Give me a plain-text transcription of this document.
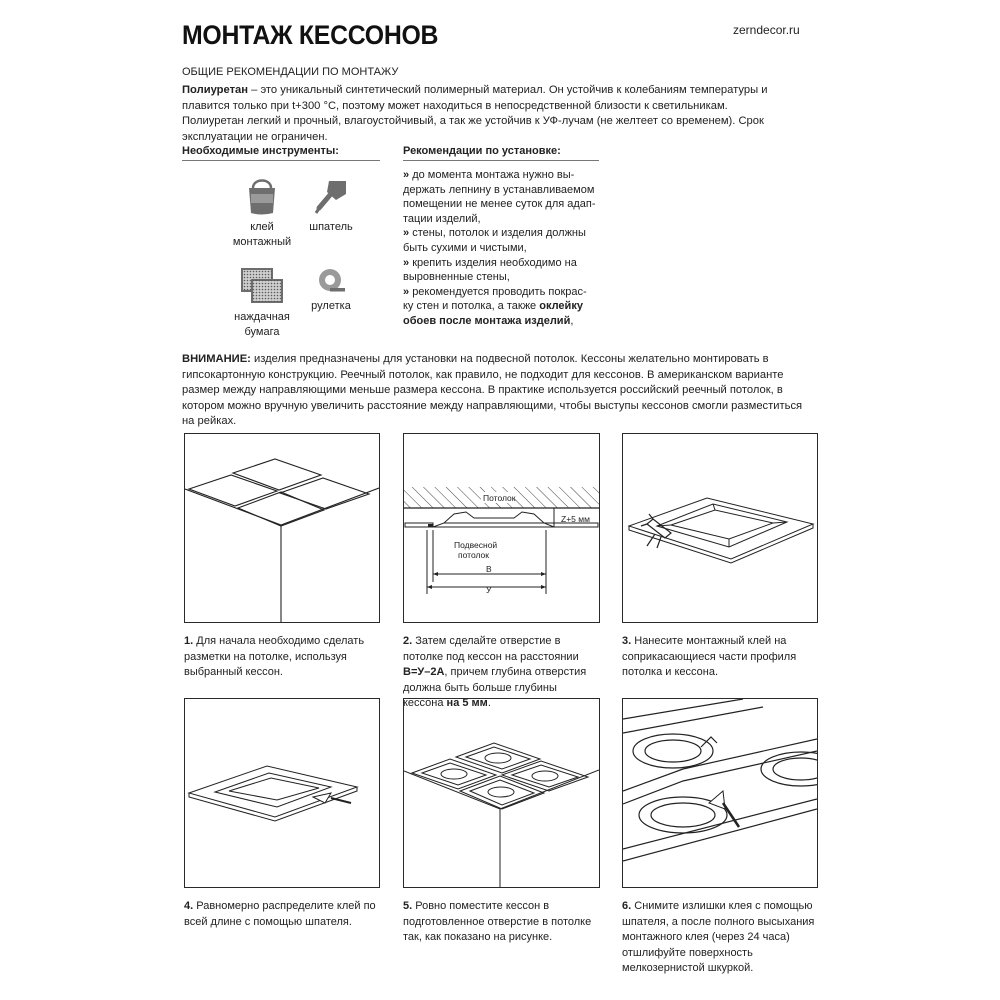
МОНТАЖ КЕССОНОВ	zerndecor.ru
ОБЩИЕ РЕКОМЕНДАЦИИ ПО МОНТАЖУ
Полиуретан – это уникальный синтетический полимерный материал. Он устойчив к колебаниям температуры и плавится только при t+300 °C, поэтому может находиться в непосредственной близости к светильникам. Полиуретан легкий и прочный, влагоустойчивый, а так же устойчив к УФ-лучам (не желтеет со временем). Срок эксплуатации не ограничен.
Необходимые инструменты:
клей
монтажный
шпатель
наждачная
бумага
рулетка
Рекомендации по установке:
» до момента монтажа нужно вы-
держать лепнину в устанавливаемом
помещении не менее суток для адап-
тации изделий,
» стены, потолок и изделия должны
быть сухими и чистыми,
» крепить изделия необходимо на
выровненные стены,
» рекомендуется проводить покрас-
ку стен и потолка, а также оклейку
обоев после монтажа изделий,
ВНИМАНИЕ: изделия предназначены для установки на подвесной потолок. Кессоны желательно монтировать в гипсокартонную конструкцию. Реечный потолок, как правило, не подходит для кессонов. В американском варианте размер между направляющими меньше размера кессона. В практике используется российский реечный потолок, в котором можно вручную увеличить расстояние между направляющими, чтобы выступы кессонов смогли разместиться на рейках.
Потолок
Z+5 мм
Подвесной
потолок
B
У
1. Для начала необходимо сделать разметки на потолке, используя выбранный кессон.
2. Затем сделайте отверстие в потолке под кессон на расстоянии B=У–2А, причем глубина отверстия должна быть больше глубины кессона на 5 мм.
3. Нанесите монтажный клей на соприкасающиеся части профиля потолка и кессона.
4. Равномерно распределите клей по всей длине с помощью шпателя.
5. Ровно поместите кессон в подготовленное отверстие в потолке так, как показано на рисунке.
6. Снимите излишки клея с помощью шпателя, а после полного высыхания монтажного клея (через 24 часа) отшлифуйте поверхность мелкозернистой шкуркой.
